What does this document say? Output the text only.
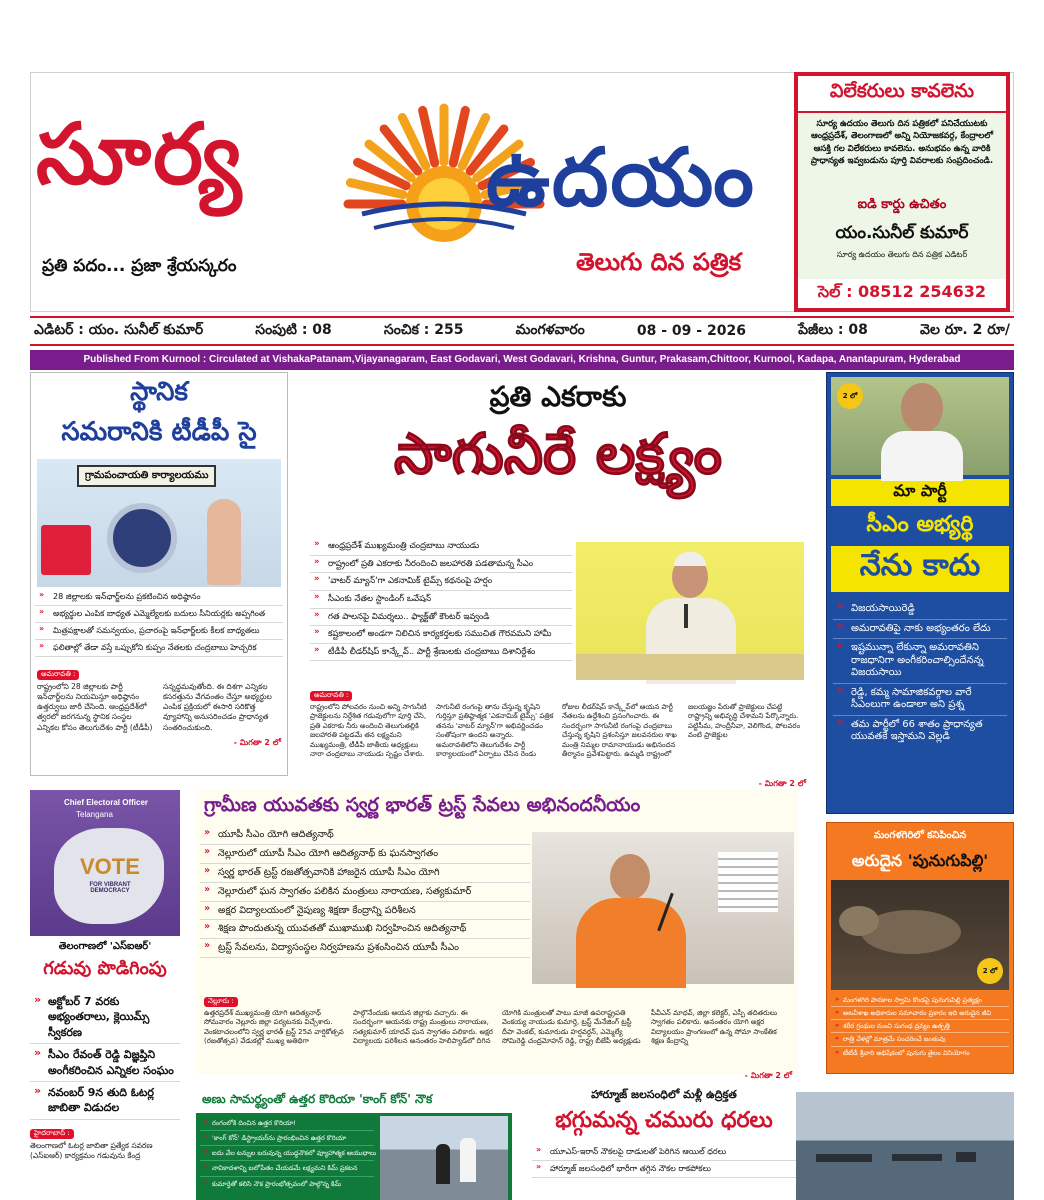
సూర్య	ఉదయం
ప్రతి పదం... ప్రజా శ్రేయస్కరం	తెలుగు దిన పత్రిక
విలేకరులు కావలెను
సూర్య ఉదయం తెలుగు దిన పత్రికలో పనిచేయుటకు ఆంధ్రప్రదేశ్, తెలంగాణలో అన్ని నియోజకవర్గ, కేంద్రాలలో ఆసక్తి గల విలేకరులు కావలెను. అనుభవం ఉన్న వారికి ప్రాధాన్యత ఇవ్వబడును పూర్తి వివరాలకు సంప్రదించండి.
ఐడి కార్డు ఉచితం
యం.సునీల్ కుమార్
సూర్య ఉదయం తెలుగు దిన పత్రిక ఎడిటర్
సెల్ : 08512 254632
ఎడిటర్ : యం. సునీల్ కుమార్	సంపుటి : 08	సంచిక : 255	మంగళవారం	08 - 09 - 2026	పేజీలు : 08	వెల రూ. 2 రూ/
Published From Kurnool : Circulated at VishakaPatanam,Vijayanagaram, East Godavari, West Godavari, Krishna, Guntur, Prakasam,Chittoor, Kurnool, Kadapa, Anantapuram, Hyderabad
స్థానిక
సమరానికి టీడీపీ సై
గ్రామపంచాయతి కార్యాలయము
» 28 జిల్లాలకు ఇన్‌ఛార్జ్‌లను ప్రకటించిన అధిష్ఠానం
» అభ్యర్థుల ఎంపిక బాధ్యత ఎమ్మెల్యేలకు బదులు సీనియర్లకు అప్పగింత
» మిత్రపక్షాలతో సమన్వయం, ప్రచారంపై ఇన్‌ఛార్జ్‌లకు కీలక బాధ్యతలు
» ఫలితాల్లో తేడా వస్తే ఒప్పుకోని కుప్పం నేతలకు చంద్రబాబు హెచ్చరిక
అమరావతి :
రాష్ట్రంలోని 28 జిల్లాలకు పార్టీ ఇన్‌ఛార్జ్‌లను నియమిస్తూ అధిష్ఠానం ఉత్తర్వులు జారీ చేసింది. ఆంధ్రప్రదేశ్‌లో త్వరలో జరగనున్న స్థానిక సంస్థల ఎన్నికల కోసం తెలుగుదేశం పార్టీ (టీడీపీ) సన్నద్ధమవుతోంది. ఈ దిశగా ఎన్నికల కసరత్తును వేగవంతం చేస్తూ అభ్యర్థుల ఎంపిక ప్రక్రియలో ఈసారి సరికొత్త వ్యూహాన్ని అనుసరించడం ప్రాధాన్యత సంతరించుకుంది.
- మిగతా 2 లో
ప్రతి ఎకరాకు
సాగునీరే లక్ష్యం
» ఆంధ్రప్రదేశ్ ముఖ్యమంత్రి చంద్రబాబు నాయుడు
» రాష్ట్రంలో ప్రతి ఎకరాకు నీరందించి జలహారతి పడతామన్న సీఎం
» 'వాటర్ మ్యాన్'గా ఎకనామిక్ టైమ్స్ కథనంపై హర్షం
» సీఎంకు నేతల స్టాండింగ్ ఒవేషన్
» గత పాలనపై విమర్శలు.. ఫ్యాక్ట్‌తో కౌంటర్ ఇవ్వండి
» కష్టకాలంలో అండగా నిలిచిన కార్యకర్తలకు సముచిత గౌరవమని హామీ
» టీడీపీ లీడర్‌షిప్ కాన్క్లేవ్.. పార్టీ శ్రేణులకు చంద్రబాబు దిశానిర్దేశం
అమరావతి :
రాష్ట్రంలోని పోలవరం నుంచి అన్ని సాగునీటి ప్రాజెక్టులను నిర్దేశిత గడువులోగా పూర్తి చేసి, ప్రతి ఎకరాకు నీరు అందించి తెలుగుతల్లికి జలహారతి పట్టడమే తన లక్ష్యమని ముఖ్యమంత్రి, టీడీపీ జాతీయ అధ్యక్షులు నారా చంద్రబాబు నాయుడు స్పష్టం చేశారు. సాగునీటి రంగంపై తాను చేస్తున్న కృషిని గుర్తిస్తూ ప్రతిష్ఠాత్మక 'ఎకనామిక్ టైమ్స్' పత్రిక తనను 'వాటర్ మ్యాన్'గా అభివర్ణించడం సంతోషంగా ఉందని అన్నారు. అమరావతిలోని తెలుగుదేశం పార్టీ కార్యాలయంలో ఏర్పాటు చేసిన రెండు రోజుల లీడర్‌షిప్ కాన్క్లేవ్‌లో ఆయన పార్టీ నేతలను ఉద్దేశించి ప్రసంగించారు. ఈ సందర్భంగా సాగునీటి రంగంపై చంద్రబాబు చేస్తున్న కృషిని ప్రశంసిస్తూ జలవనరుల శాఖ మంత్రి నిమ్మల రామానాయుడు అభినందన తీర్మానం ప్రవేశపెట్టారు. ఉమ్మడి రాష్ట్రంలో జలయజ్ఞం పేరుతో ప్రాజెక్టులు చేపట్టి రాష్ట్రాన్ని అభివృద్ధి చేశామని పేర్కొన్నారు. పట్టిసీమ, హంద్రీనీవా, వెలిగొండ, పోలవరం వంటి ప్రాజెక్టుల
- మిగతా 2 లో
2 లో
మా పార్టీ
సీఎం అభ్యర్థి
నేను కాదు
» విజయసాయిరెడ్డి
» అమరావతిపై నాకు అభ్యంతరం లేదు
» ఇష్టమున్నా లేకున్నా అమరావతిని రాజధానిగా అంగీకరించాల్సిందేనన్న విజయసాయి
» రెడ్డి, కమ్మ సామాజికవర్గాల వారే సీఎంలుగా ఉండాలా అని ప్రశ్న
» తమ పార్టీలో 66 శాతం ప్రాధాన్యత యువతకే ఇస్తామని వెల్లడి
మంగళగిరిలో కనిపించిన
అరుదైన 'పునుగుపిల్లి'
2 లో
» మంగళగిరి పానకాల స్వామి కొండపై పునుగుపిల్లి ప్రత్యక్షం
» అటవీశాఖ అధికారుల సమాచారం ప్రకారం ఇది అరుదైన జీవి
» శరీర గ్రంథుల నుంచి సుగంధ ద్రవ్యం ఉత్పత్తి
» రాత్రి వేళల్లో మాత్రమే సంచరించే జంతువు
» టీటీడీ శ్రీవారి అభిషేకంలో పునుగు తైలం వినియోగం
Chief Electoral Officer
Telangana
VOTE
FOR VIBRANT DEMOCRACY
తెలంగాణలో 'ఎస్ఐఆర్'
గడువు పొడిగింపు
» అక్టోబర్ 7 వరకు అభ్యంతరాలు, క్లెయిమ్స్ స్వీకరణ
» సీఎం రేవంత్ రెడ్డి విజ్ఞప్తిని అంగీకరించిన ఎన్నికల సంఘం
» నవంబర్ 9న తుది ఓటర్ల జాబితా విడుదల
హైదరాబాద్ :
తెలంగాణలో ఓటర్ల జాబితా ప్రత్యేక సవరణ (ఎస్ఐఆర్) కార్యక్రమం గడువును కేంద్ర
గ్రామీణ యువతకు స్వర్ణ భారత్ ట్రస్ట్ సేవలు అభినందనీయం
» యూపీ సీఎం యోగి ఆదిత్యనాథ్
» నెల్లూరులో యూపీ సీఎం యోగి ఆదిత్యనాథ్ కు ఘనస్వాగతం
» స్వర్ణ భారత్ ట్రస్ట్ రజతోత్సవానికి హాజరైన యూపీ సీఎం యోగి
» నెల్లూరులో ఘన స్వాగతం పలికిన మంత్రులు నారాయణ, సత్యకుమార్
» అక్షర విద్యాలయంలో నైపుణ్య శిక్షణా కేంద్రాన్ని పరిశీలన
» శిక్షణ పొందుతున్న యువతతో ముఖాముఖి నిర్వహించిన ఆదిత్యనాథ్
» ట్రస్ట్ సేవలను, విద్యాసంస్థల నిర్వహణను ప్రశంసించిన యూపీ సీఎం
నెల్లూరు :
ఉత్తరప్రదేశ్ ముఖ్యమంత్రి యోగి ఆదిత్యనాథ్ సోమవారం నెల్లూరు జిల్లా పర్యటనకు విచ్చేశారు. వెంకటాచలంలోని స్వర్ణ భారత్ ట్రస్ట్ 25వ వార్షికోత్సవ (రజతోత్సవ) వేడుకల్లో ముఖ్య అతిథిగా పాల్గొనేందుకు ఆయన జిల్లాకు వచ్చారు. ఈ సందర్భంగా ఆయనకు రాష్ట్ర మంత్రులు నారాయణ, సత్యకుమార్ యాదవ్ ఘన స్వాగతం పలికారు. అక్షర విద్యాలయ పరిశీలన అనంతరం హెలిప్యాడ్‌లో దిగిన యోగికి మంత్రులతో పాటు మాజీ ఉపరాష్ట్రపతి వెంకయ్య నాయుడు కుమార్తె, ట్రస్ట్ మేనేజింగ్ ట్రస్టీ దీపా వెంకట్, కుమారుడు హర్షవర్ధన్, ఎమ్మెల్యే సోమిరెడ్డి చంద్రమోహన్ రెడ్డి, రాష్ట్ర బీజేపీ అధ్యక్షుడు పీవీఎన్ మాధవ్, జిల్లా కలెక్టర్, ఎస్పీ తదితరులు స్వాగతం పలికారు. అనంతరం యోగి అక్షర విద్యాలయం ప్రాంగణంలో ఉన్న సోమా సాంకేతిక శిక్షణ కేంద్రాన్ని
- మిగతా 2 లో
అణు సామర్థ్యంతో ఉత్తర కొరియా 'కాంగ్ కోన్' నౌక
» రంగంలోకి దించిన ఉత్తర కొరియా!
» 'కాంగ్ కోన్' డిస్ట్రాయర్‌ను ప్రారంభించిన ఉత్తర కొరియా
» ఐదు వేల టన్నుల బరువున్న యుద్ధనౌకలో వ్యూహాత్మక ఆయుధాలు
» నావికాదళాన్ని బలోపేతం చేయడమే లక్ష్యమని కిమ్ ప్రకటన
» కుమార్తెతో కలిసి నౌక ప్రారంభోత్సవంలో పాల్గొన్న కిమ్
హార్మూజ్ జలసంధిలో మళ్లీ ఉద్రిక్తత
భగ్గుమన్న చమురు ధరలు
» యూఎస్-ఇరాన్ నౌకలపై దాడులతో పెరిగిన ఆయిల్ ధరలు
» హార్మూజ్ జలసంధిలో భారీగా తగ్గిన నౌకల రాకపోకలు
